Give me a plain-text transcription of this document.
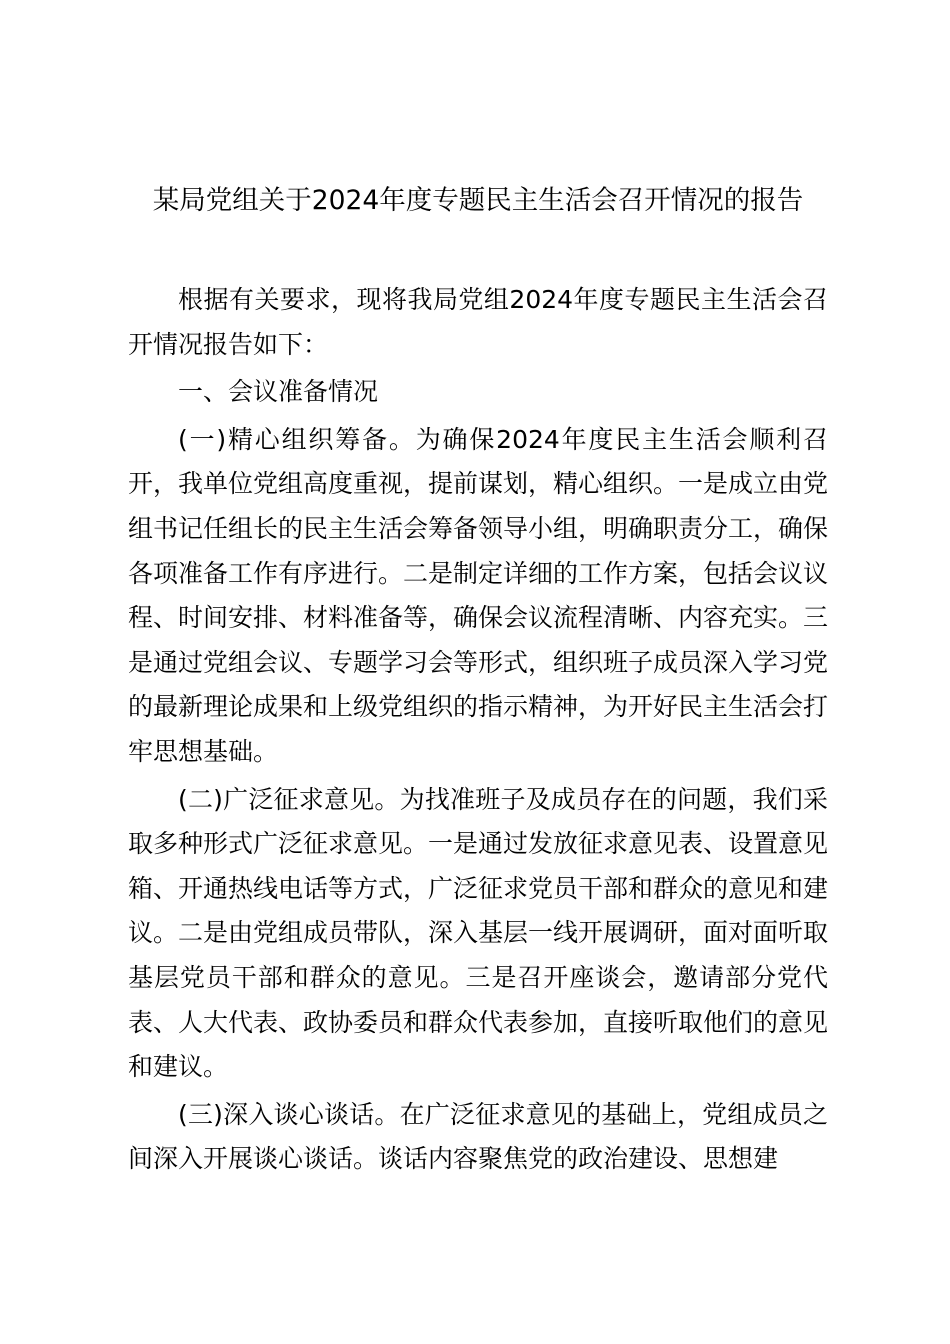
某局党组关于2024年度专题民主生活会召开情况的报告

根据有关要求，现将我局党组2024年度专题民主生活会召开情况报告如下：

一、会议准备情况

(一)精心组织筹备。为确保2024年度民主生活会顺利召开，我单位党组高度重视，提前谋划，精心组织。一是成立由党组书记任组长的民主生活会筹备领导小组，明确职责分工，确保各项准备工作有序进行。二是制定详细的工作方案，包括会议议程、时间安排、材料准备等，确保会议流程清晰、内容充实。三是通过党组会议、专题学习会等形式，组织班子成员深入学习党的最新理论成果和上级党组织的指示精神，为开好民主生活会打牢思想基础。

(二)广泛征求意见。为找准班子及成员存在的问题，我们采取多种形式广泛征求意见。一是通过发放征求意见表、设置意见箱、开通热线电话等方式，广泛征求党员干部和群众的意见和建议。二是由党组成员带队，深入基层一线开展调研，面对面听取基层党员干部和群众的意见。三是召开座谈会，邀请部分党代表、人大代表、政协委员和群众代表参加，直接听取他们的意见和建议。

(三)深入谈心谈话。在广泛征求意见的基础上，党组成员之间深入开展谈心谈话。谈话内容聚焦党的政治建设、思想建
